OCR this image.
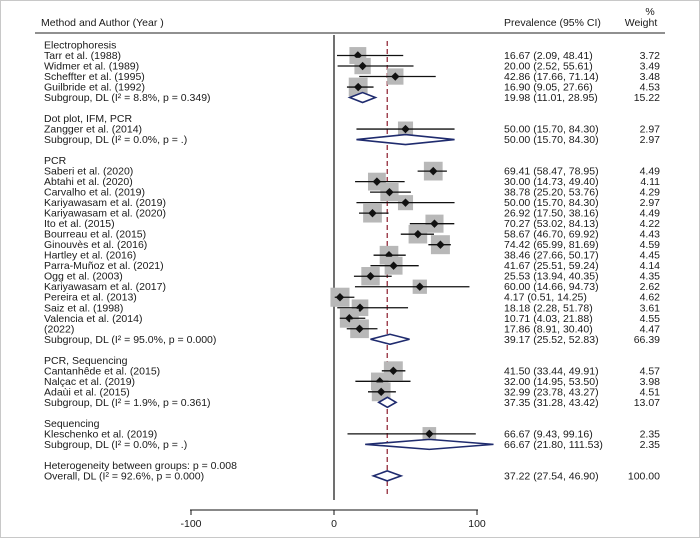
Method and Author (Year )	Prevalence (95% CI)
%
Weight
Electrophoresis
Tarr et al. (1988)	16.67 (2.09, 48.41)	3.72
Widmer et al. (1989)	20.00 (2.52, 55.61)	3.49
Scheffter et al. (1995)	42.86 (17.66, 71.14)	3.48
Guilbride et al. (1992)	16.90 (9.05, 27.66)	4.53
Subgroup, DL (I² = 8.8%, p = 0.349)	19.98 (11.01, 28.95)	15.22
Dot plot, IFM, PCR
Zangger et al. (2014)	50.00 (15.70, 84.30)	2.97
Subgroup, DL (I² = 0.0%, p = .)	50.00 (15.70, 84.30)	2.97
PCR
Saberi et al. (2020)	69.41 (58.47, 78.95)	4.49
Abtahi et al. (2020)	30.00 (14.73, 49.40)	4.11
Carvalho et al. (2019)	38.78 (25.20, 53.76)	4.29
Kariyawasam et al. (2019)	50.00 (15.70, 84.30)	2.97
Kariyawasam et al. (2020)	26.92 (17.50, 38.16)	4.49
Ito et al. (2015)	70.27 (53.02, 84.13)	4.22
Bourreau et al. (2015)	58.67 (46.70, 69.92)	4.43
Ginouvès et al. (2016)	74.42 (65.99, 81.69)	4.59
Hartley et al. (2016)	38.46 (27.66, 50.17)	4.45
Parra-Muñoz et al. (2021)	41.67 (25.51, 59.24)	4.14
Ogg et al. (2003)	25.53 (13.94, 40.35)	4.35
Kariyawasam et al. (2017)	60.00 (14.66, 94.73)	2.62
Pereira et al. (2013)	4.17 (0.51, 14.25)	4.62
Saiz et al. (1998)	18.18 (2.28, 51.78)	3.61
Valencia et al. (2014)	10.71 (4.03, 21.88)	4.55
(2022)	17.86 (8.91, 30.40)	4.47
Subgroup, DL (I² = 95.0%, p = 0.000)	39.17 (25.52, 52.83)	66.39
PCR, Sequencing
Cantanhêde et al. (2015)	41.50 (33.44, 49.91)	4.57
Nalçac et al. (2019)	32.00 (14.95, 53.50)	3.98
Adaùi et al. (2015)	32.99 (23.78, 43.27)	4.51
Subgroup, DL (I² = 1.9%, p = 0.361)	37.35 (31.28, 43.42)	13.07
Sequencing
Kleschenko et al. (2019)	66.67 (9.43, 99.16)	2.35
Subgroup, DL (I² = 0.0%, p = .)	66.67 (21.80, 111.53)	2.35
Heterogeneity between groups: p = 0.008
Overall, DL (I² = 92.6%, p = 0.000)	37.22 (27.54, 46.90)	100.00
-100	0	100
